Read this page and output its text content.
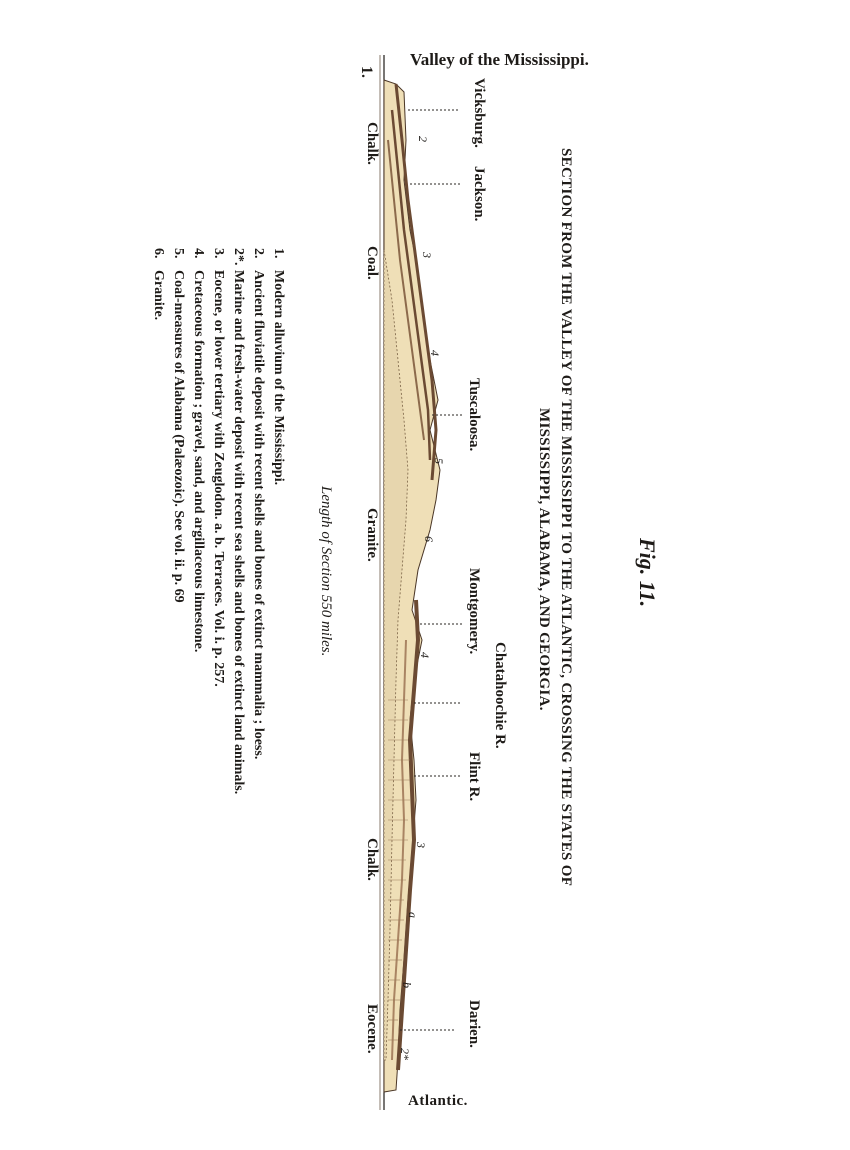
Valley of the Mississippi.
Atlantic.
Fig. 11.
1.
SECTION FROM THE VALLEY OF THE MISSISSIPPI TO THE ATLANTIC, CROSSING THE STATES OF
MISSISSIPPI, ALABAMA, AND GEORGIA.
Vicksburg.
Jackson.
Tuscaloosa.
Montgomery.
Chatahoochie R.
Flint R.
Darien.
Chalk.
Coal.
Granite.
Chalk.
Eocene.
2
3
4
5
6
4
3
a
b
2*
Length of Section 550 miles.
1.Modern alluvium of the Mississippi.
2.Ancient fluviatile deposit with recent shells and bones of extinct mammalia ; loess.
2*.Marine and fresh-water deposit with recent sea shells and bones of extinct land animals.
3.Eocene, or lower tertiary with Zeuglodon. a. b. Terraces. Vol. i. p. 257.
4.Cretaceous formation ; gravel, sand, and argillaceous limestone.
5.Coal-measures of Alabama (Palæozoic). See vol. ii. p. 69
6.Granite.
